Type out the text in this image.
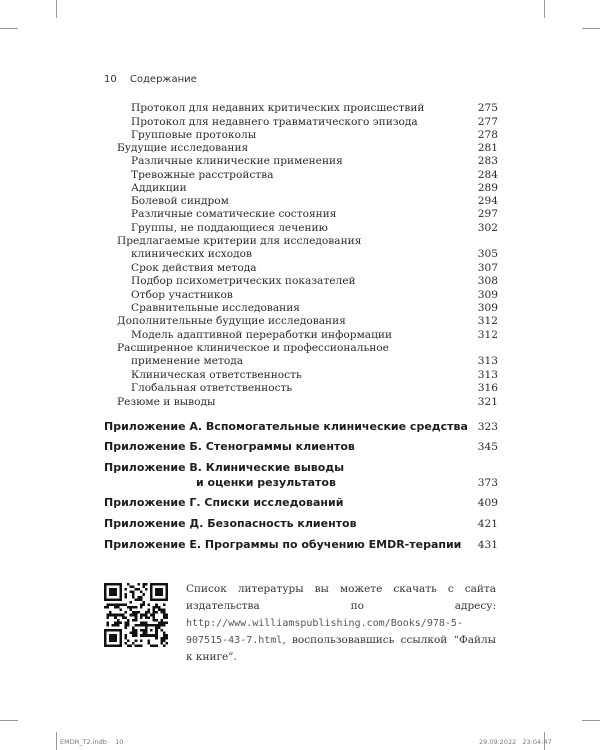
10 Содержание
Протокол для недавних критических происшествий	275
Протокол для недавнего травматического эпизода	277
Групповые протоколы	278
Будущие исследования	281
Различные клинические применения	283
Тревожные расстройства	284
Аддикции	289
Болевой синдром	294
Различные соматические состояния	297
Группы, не поддающиеся лечению	302
Предлагаемые критерии для исследования
клинических исходов	305
Срок действия метода	307
Подбор психометрических показателей	308
Отбор участников	309
Сравнительные исследования	309
Дополнительные будущие исследования	312
Модель адаптивной переработки информации	312
Расширенное клиническое и профессиональное
применение метода	313
Клиническая ответственность	313
Глобальная ответственность	316
Резюме и выводы	321
Приложение А. Вспомогательные клинические средства 323
Приложение Б. Стенограммы клиентов	345
Приложение В. Клинические выводы
и оценки результатов	373
Приложение Г. Списки исследований	409
Приложение Д. Безопасность клиентов	421
Приложение Е. Программы по обучению EMDR-терапии 431
Список литературы вы можете скачать с сайта издательства по адресу: http://www.williamspublishing.com/Books/978-5-907515-43-7.html, воспользовавшись ссылкой “Файлы к книге”.
EMDR_T2.indb 10	29.09.2022 23:04:47
